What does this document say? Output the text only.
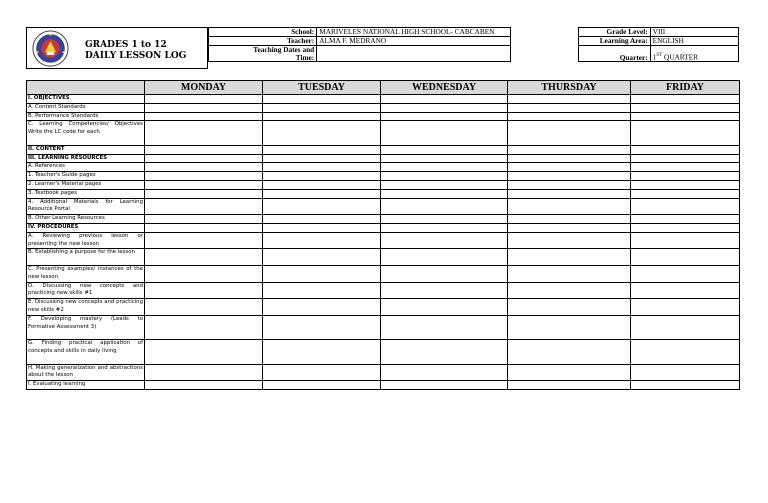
GRADES 1 to 12
DAILY LESSON LOG
School:	MARIVELES NATIONAL HIGH SCHOOL- CABCABEN		Grade Level:	VIII
Teacher:	ALMA F. MEDRANO		Learning Area:	ENGLISH
Teaching Dates and
Time:			Quarter:	1ST QUARTER
	MONDAY	TUESDAY	WEDNESDAY	THURSDAY	FRIDAY
I. OBJECTIVES					
A. Content Standards					
B. Performance Standards					
C. Learning Competencies/ Objectives Write the LC code for each					
II. CONTENT					
III. LEARNING RESOURCES					
A. References					
1. Teacher's Guide pages					
2. Learner's Material pages					
3. Textbook pages					
4. Additional Materials for Learning Resource Portal					
B. Other Learning Resources					
IV. PROCEDURES					
A. Reviewing previous lesson or presenting the new lesson					
B. Establishing a purpose for the lesson					
C. Presenting examples/ instances of the new lesson					
D. Discussing new concepts and practicing new skills #1					
E. Discussing new concepts and practicing new skills #2					
F. Developing mastery (Leads to Formative Assessment 3)					
G. Finding practical application of concepts and skills in daily living					
H. Making generalization and abstractions about the lesson					
I. Evaluating learning					
